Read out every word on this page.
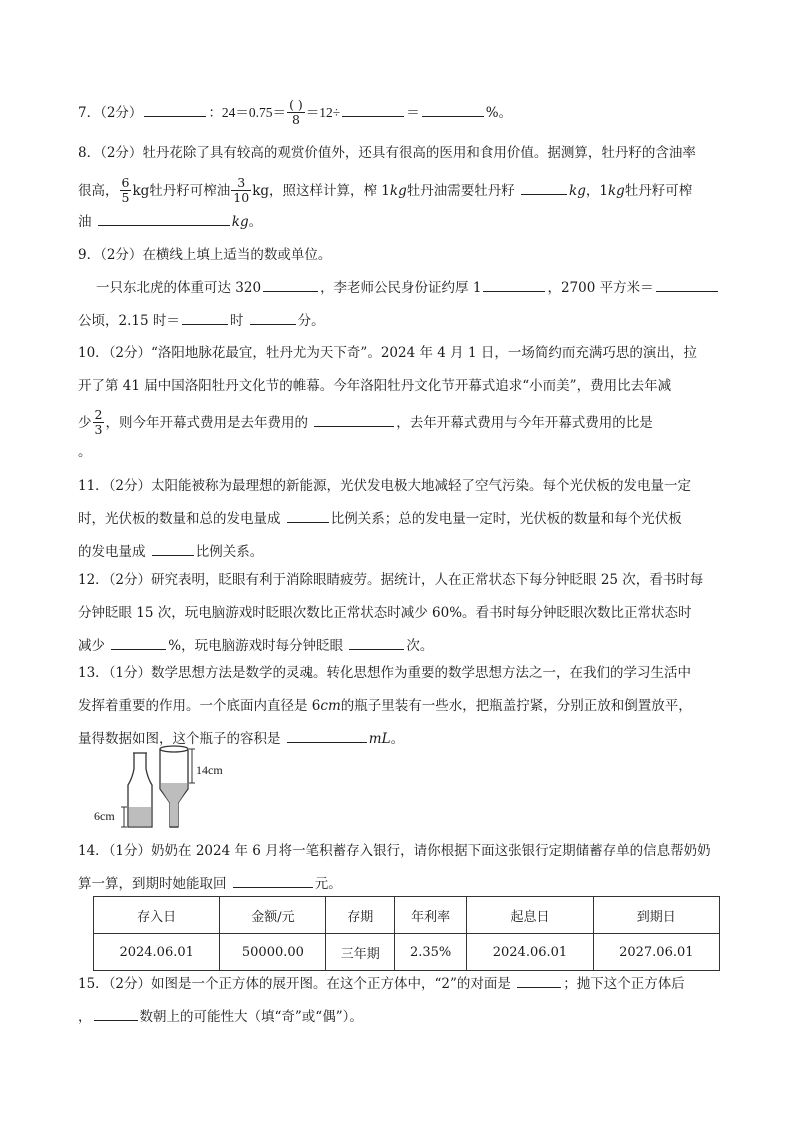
7．（2分）	：$24=0.75= \frac{( )}{8} =12\div$	＝	%。
8．（2分）牡丹花除了具有较高的观赏价值外，还具有很高的医用和食用价值。据测算，牡丹籽的含油率
很高， $\frac{6}{5}$ kg牡丹籽可榨油 $\frac{3}{10}$ kg，照这样计算，榨 1kg牡丹油需要牡丹籽	kg，1kg牡丹籽可榨
油	kg。
9．（2分）在横线上填上适当的数或单位。
一只东北虎的体重可达 320	，李老师公民身份证约厚 1	，2700 平方米＝
公顷，2.15 时＝	时	分。
10．（2分）“洛阳地脉花最宜，牡丹尤为天下奇”。2024 年 4 月 1 日，一场简约而充满巧思的演出，拉
开了第 41 届中国洛阳牡丹文化节的帷幕。今年洛阳牡丹文化节开幕式追求“小而美”，费用比去年减
少 $\frac{2}{3}$ ，则今年开幕式费用是去年费用的	，去年开幕式费用与今年开幕式费用的比是
。
11．（2分）太阳能被称为最理想的新能源，光伏发电极大地减轻了空气污染。每个光伏板的发电量一定
时，光伏板的数量和总的发电量成	比例关系；总的发电量一定时，光伏板的数量和每个光伏板
的发电量成	比例关系。
12．（2分）研究表明，眨眼有利于消除眼睛疲劳。据统计，人在正常状态下每分钟眨眼 25 次，看书时每
分钟眨眼 15 次，玩电脑游戏时眨眼次数比正常状态时减少 60%。看书时每分钟眨眼次数比正常状态时
减少	%，玩电脑游戏时每分钟眨眼	次。
13．（1分）数学思想方法是数学的灵魂。转化思想作为重要的数学思想方法之一，在我们的学习生活中
发挥着重要的作用。一个底面内直径是 6cm的瓶子里装有一些水，把瓶盖拧紧，分别正放和倒置放平，
量得数据如图，这个瓶子的容积是	mL。
14cm
6cm
14．（1分）奶奶在 2024 年 6 月将一笔积蓄存入银行，请你根据下面这张银行定期储蓄存单的信息帮奶奶
算一算，到期时她能取回	元。
存入日	金额/元	存期	年利率	起息日	到期日
2024.06.01	50000.00	三年期	2.35%	2024.06.01	2027.06.01
15．（2分）如图是一个正方体的展开图。在这个正方体中，“2”的对面是	；抛下这个正方体后
，	数朝上的可能性大（填“奇”或“偶”）。
